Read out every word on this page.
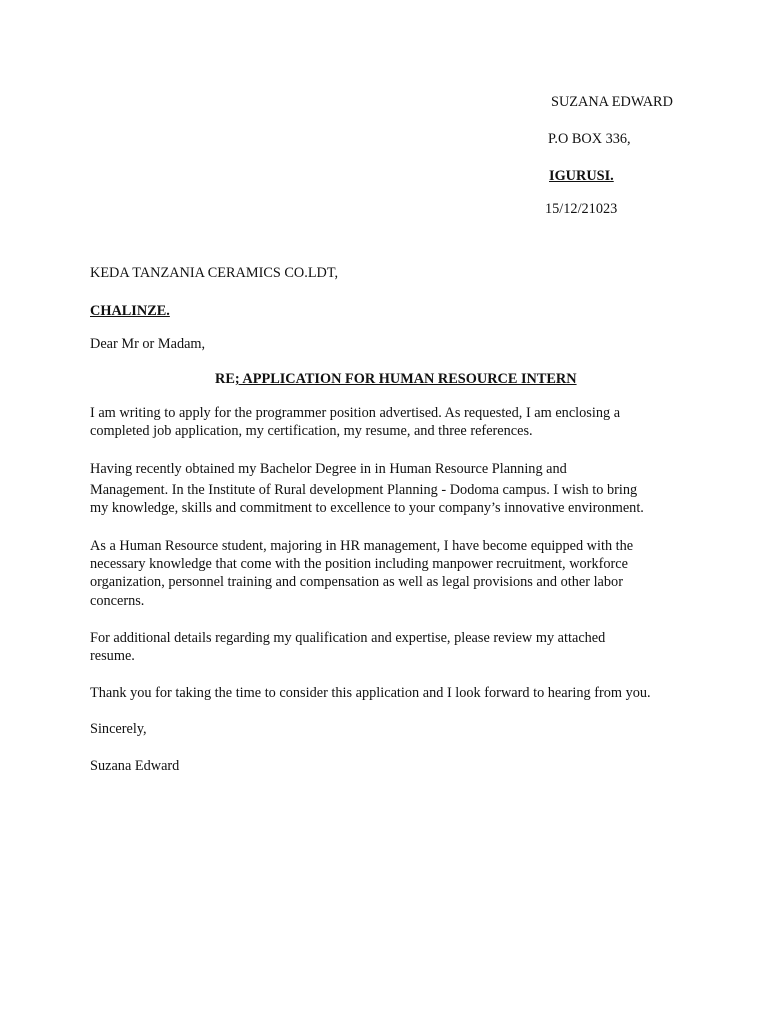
SUZANA EDWARD
P.O BOX 336,
IGURUSI.
15/12/21023
KEDA TANZANIA CERAMICS CO.LDT,
CHALINZE.
Dear Mr or Madam,
RE; APPLICATION FOR HUMAN RESOURCE INTERN
I am writing to apply for the programmer position advertised. As requested, I am enclosing a
completed job application, my certification, my resume, and three references.
Having recently obtained my Bachelor Degree in in Human Resource Planning and
Management. In the Institute of Rural development Planning - Dodoma campus. I wish to bring
my knowledge, skills and commitment to excellence to your company’s innovative environment.
As a Human Resource student, majoring in HR management, I have become equipped with the
necessary knowledge that come with the position including manpower recruitment, workforce
organization, personnel training and compensation as well as legal provisions and other labor
concerns.
For additional details regarding my qualification and expertise, please review my attached
resume.
Thank you for taking the time to consider this application and I look forward to hearing from you.
Sincerely,
Suzana Edward
